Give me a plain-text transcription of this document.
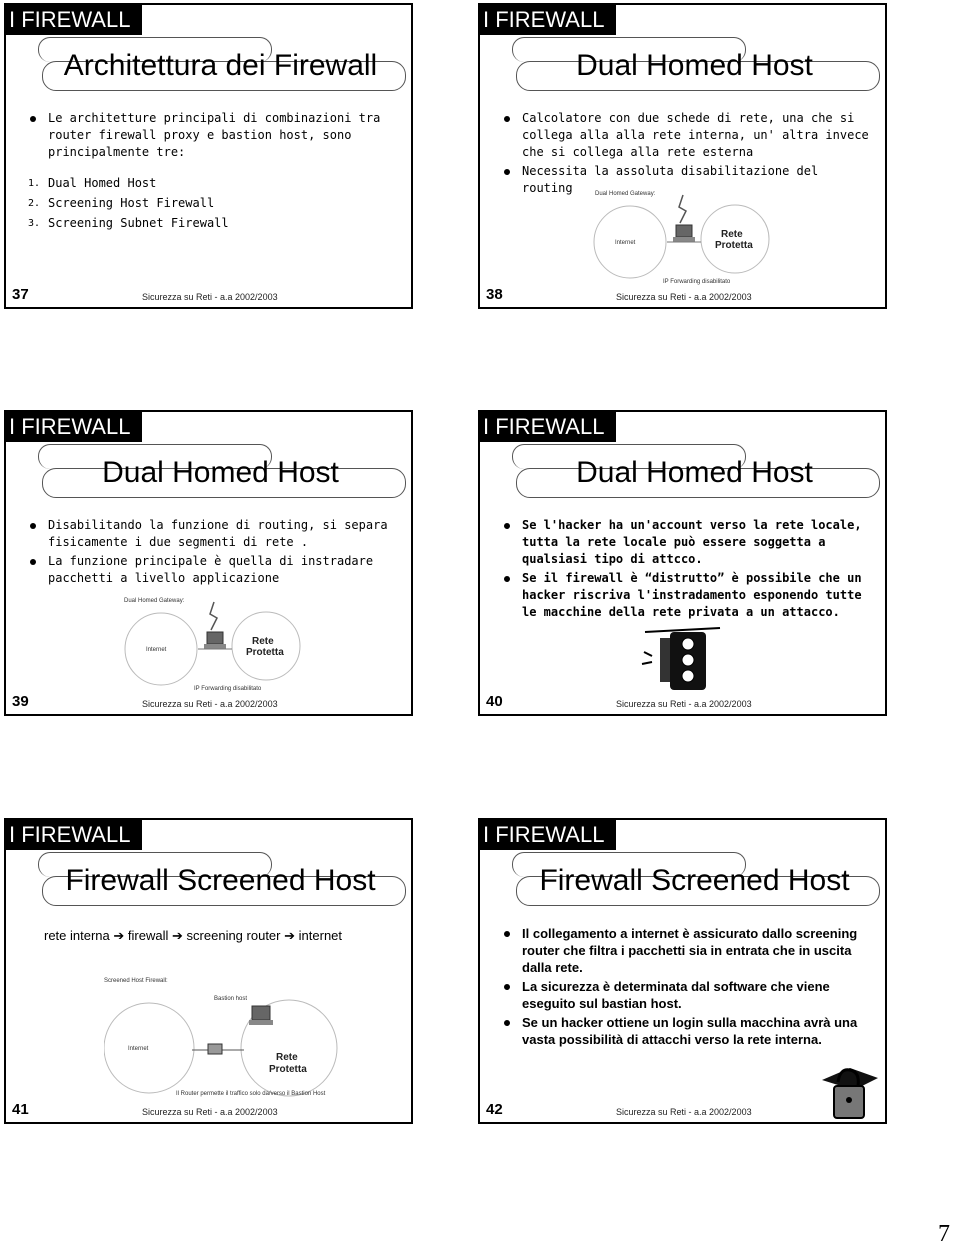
I FIREWALL
Architettura dei Firewall
Le architetture principali di combinazioni tra router firewall proxy e bastion host, sono principalmente tre:
1. Dual Homed Host
2. Screening Host Firewall
3. Screening Subnet Firewall
37	Sicurezza su Reti - a.a 2002/2003
I FIREWALL
Dual Homed Host
Calcolatore con due schede di rete, una che si collega alla alla rete interna, un' altra invece che si collega alla rete esterna
Necessita la assoluta disabilitazione del routing	Dual Homed Gateway:
Internet
Rete Protetta
IP Forwarding disabilitato
38	Sicurezza su Reti - a.a 2002/2003
I FIREWALL
Dual Homed Host
Disabilitando la funzione di routing, si separa fisicamente i due segmenti di rete .
La funzione principale è quella di instradare pacchetti a livello applicazione
Dual Homed Gateway:
Internet
Rete Protetta
IP Forwarding disabilitato
39	Sicurezza su Reti - a.a 2002/2003
I FIREWALL
Dual Homed Host
Se l'hacker ha un'account verso la rete locale, tutta la rete locale può essere soggetta a qualsiasi tipo di attcco.
Se il firewall è “distrutto” è possibile che un hacker riscriva l'instradamento esponendo tutte le macchine della rete privata a un attacco.
40	Sicurezza su Reti - a.a 2002/2003
I FIREWALL
Firewall Screened Host
rete interna ➔ firewall ➔ screening router ➔ internet
Screened Host Firewall:
Internet
Rete Protetta
Bastion host
Il Router permette il traffico solo da/verso il Bastion Host
41	Sicurezza su Reti - a.a 2002/2003
I FIREWALL
Firewall Screened Host
Il collegamento a internet è assicurato dallo screening router che filtra i pacchetti sia in entrata che in uscita dalla rete.
La sicurezza è determinata dal software che viene eseguito sul bastian host.
Se un hacker ottiene un login sulla macchina avrà una vasta possibilità di attacchi verso la rete interna.
42	Sicurezza su Reti - a.a 2002/2003
7
